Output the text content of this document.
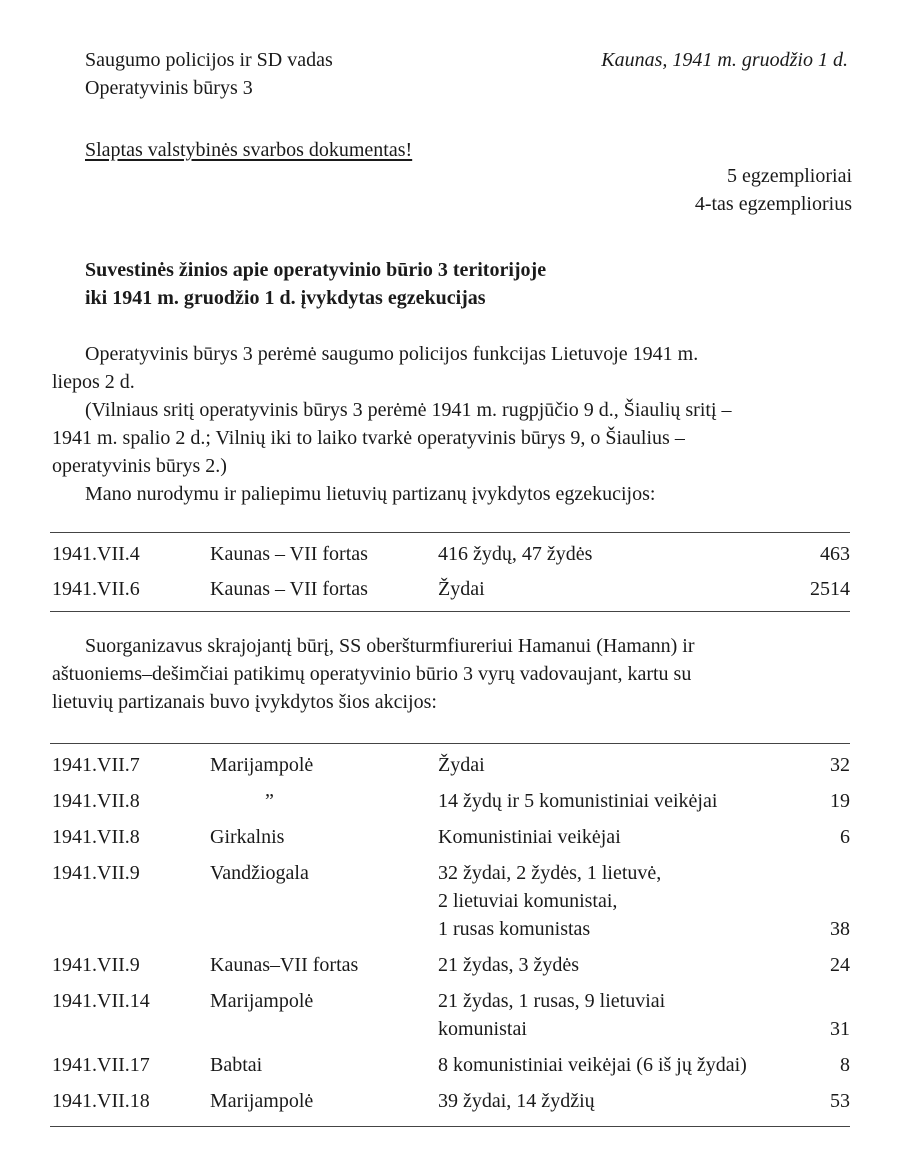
Saugumo policijos ir SD vadas
Operatyvinis būrys 3
Kaunas, 1941 m. gruodžio 1 d.
Slaptas valstybinės svarbos dokumentas!
5 egzemplioriai
4-tas egzempliorius
Suvestinės žinios apie operatyvinio būrio 3 teritorijoje
iki 1941 m. gruodžio 1 d. įvykdytas egzekucijas
Operatyvinis būrys 3 perėmė saugumo policijos funkcijas Lietuvoje 1941 m.
liepos 2 d.
(Vilniaus sritį operatyvinis būrys 3 perėmė 1941 m. rugpjūčio 9 d., Šiaulių sritį –
1941 m. spalio 2 d.; Vilnių iki to laiko tvarkė operatyvinis būrys 9, o Šiaulius –
operatyvinis būrys 2.)
Mano nurodymu ir paliepimu lietuvių partizanų įvykdytos egzekucijos:
1941.VII.4	Kaunas – VII fortas	416 žydų, 47 žydės	463
1941.VII.6	Kaunas – VII fortas	Žydai	2514
Suorganizavus skrajojantį būrį, SS oberšturmfiureriui Hamanui (Hamann) ir
aštuoniems–dešimčiai patikimų operatyvinio būrio 3 vyrų vadovaujant, kartu su
lietuvių partizanais buvo įvykdytos šios akcijos:
1941.VII.7	Marijampolė	Žydai	32
1941.VII.8	”	14 žydų ir 5 komunistiniai veikėjai	19
1941.VII.8	Girkalnis	Komunistiniai veikėjai	6
1941.VII.9	Vandžiogala	32 žydai, 2 žydės, 1 lietuvė,
2 lietuviai komunistai,
1 rusas komunistas	38
1941.VII.9	Kaunas–VII fortas	21 žydas, 3 žydės	24
1941.VII.14	Marijampolė	21 žydas, 1 rusas, 9 lietuviai
komunistai	31
1941.VII.17	Babtai	8 komunistiniai veikėjai (6 iš jų žydai)	8
1941.VII.18	Marijampolė	39 žydai, 14 žydžių	53
